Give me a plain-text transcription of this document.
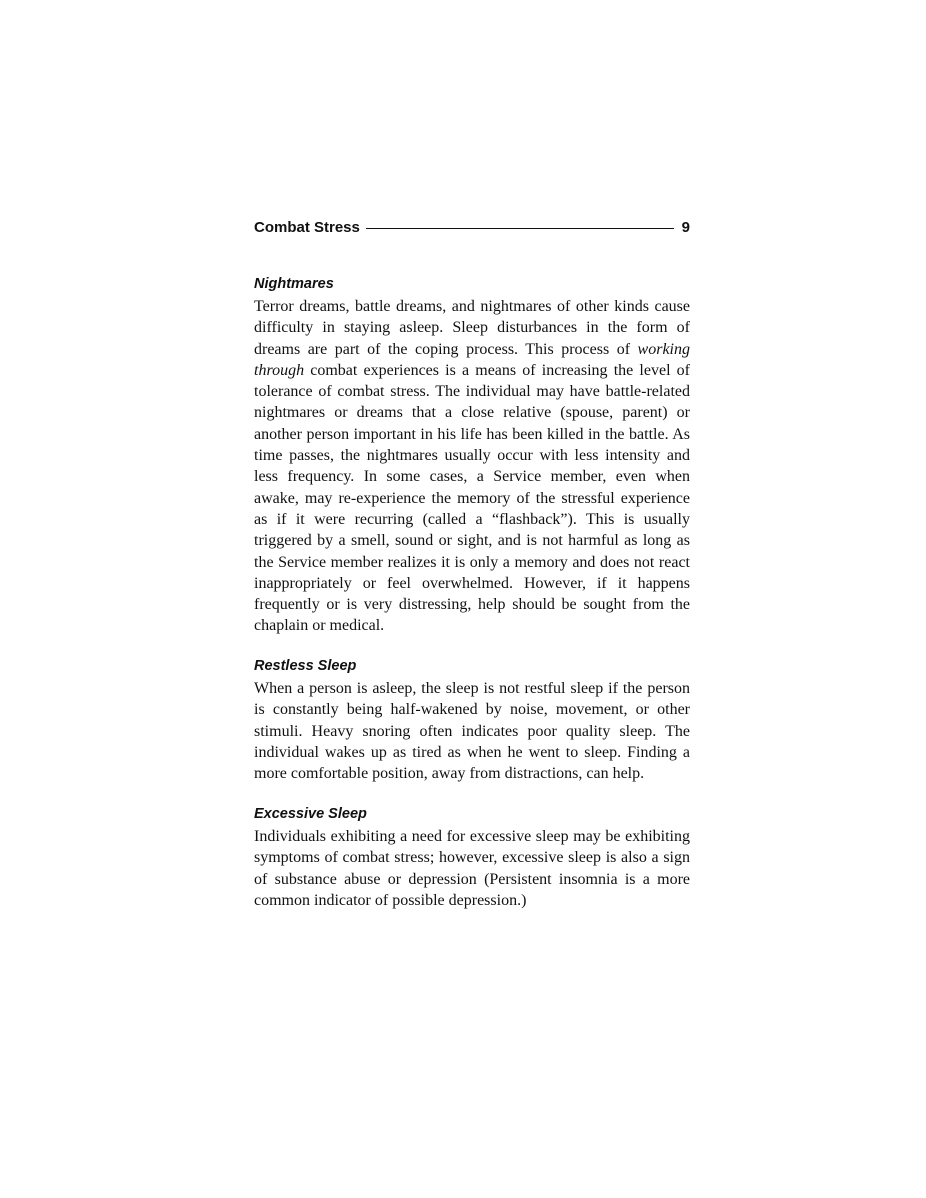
Combat Stress	9
Nightmares

Terror dreams, battle dreams, and nightmares of other kinds cause difficulty in staying asleep. Sleep disturbances in the form of dreams are part of the coping process. This process of working through combat experiences is a means of increasing the level of tolerance of combat stress. The individual may have battle-related nightmares or dreams that a close relative (spouse, parent) or another person important in his life has been killed in the battle. As time passes, the nightmares usually occur with less intensity and less frequency. In some cases, a Service member, even when awake, may re-experience the memory of the stressful experience as if it were recurring (called a “flashback”). This is usually triggered by a smell, sound or sight, and is not harmful as long as the Service member realizes it is only a memory and does not react inappropriately or feel overwhelmed. However, if it happens frequently or is very distressing, help should be sought from the chaplain or medical.

Restless Sleep

When a person is asleep, the sleep is not restful sleep if the person is constantly being half-wakened by noise, movement, or other stimuli. Heavy snoring often indicates poor quality sleep. The individual wakes up as tired as when he went to sleep. Finding a more comfortable position, away from distractions, can help.

Excessive Sleep

Individuals exhibiting a need for excessive sleep may be exhibiting symptoms of combat stress; however, excessive sleep is also a sign of substance abuse or depression (Persistent insomnia is a more common indicator of possible depression.)
